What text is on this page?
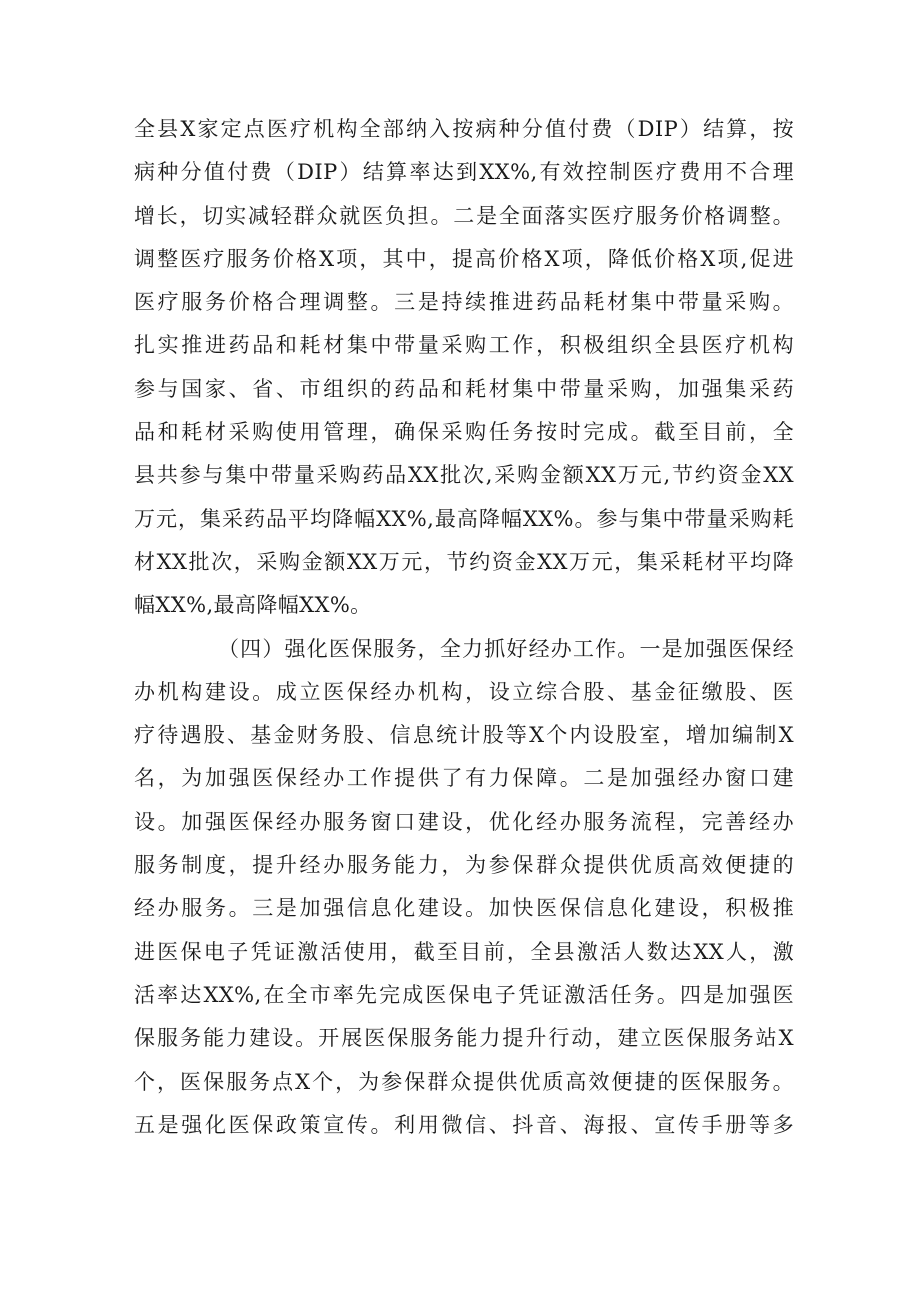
全县X家定点医疗机构全部纳入按病种分值付费（DIP）结算，按
病种分值付费（DIP）结算率达到XX%,有效控制医疗费用不合理
增长，切实减轻群众就医负担。二是全面落实医疗服务价格调整。
调整医疗服务价格X项，其中，提高价格X项，降低价格X项,促进
医疗服务价格合理调整。三是持续推进药品耗材集中带量采购。
扎实推进药品和耗材集中带量采购工作，积极组织全县医疗机构
参与国家、省、市组织的药品和耗材集中带量采购，加强集采药
品和耗材采购使用管理，确保采购任务按时完成。截至目前，全
县共参与集中带量采购药品XX批次,采购金额XX万元,节约资金XX
万元，集采药品平均降幅XX%,最高降幅XX%。参与集中带量采购耗
材XX批次，采购金额XX万元，节约资金XX万元，集采耗材平均降
幅XX%,最高降幅XX%。
（四）强化医保服务，全力抓好经办工作。一是加强医保经
办机构建设。成立医保经办机构，设立综合股、基金征缴股、医
疗待遇股、基金财务股、信息统计股等X个内设股室，增加编制X
名，为加强医保经办工作提供了有力保障。二是加强经办窗口建
设。加强医保经办服务窗口建设，优化经办服务流程，完善经办
服务制度，提升经办服务能力，为参保群众提供优质高效便捷的
经办服务。三是加强信息化建设。加快医保信息化建设，积极推
进医保电子凭证激活使用，截至目前，全县激活人数达XX人，激
活率达XX%,在全市率先完成医保电子凭证激活任务。四是加强医
保服务能力建设。开展医保服务能力提升行动，建立医保服务站X
个，医保服务点X个，为参保群众提供优质高效便捷的医保服务。
五是强化医保政策宣传。利用微信、抖音、海报、宣传手册等多
